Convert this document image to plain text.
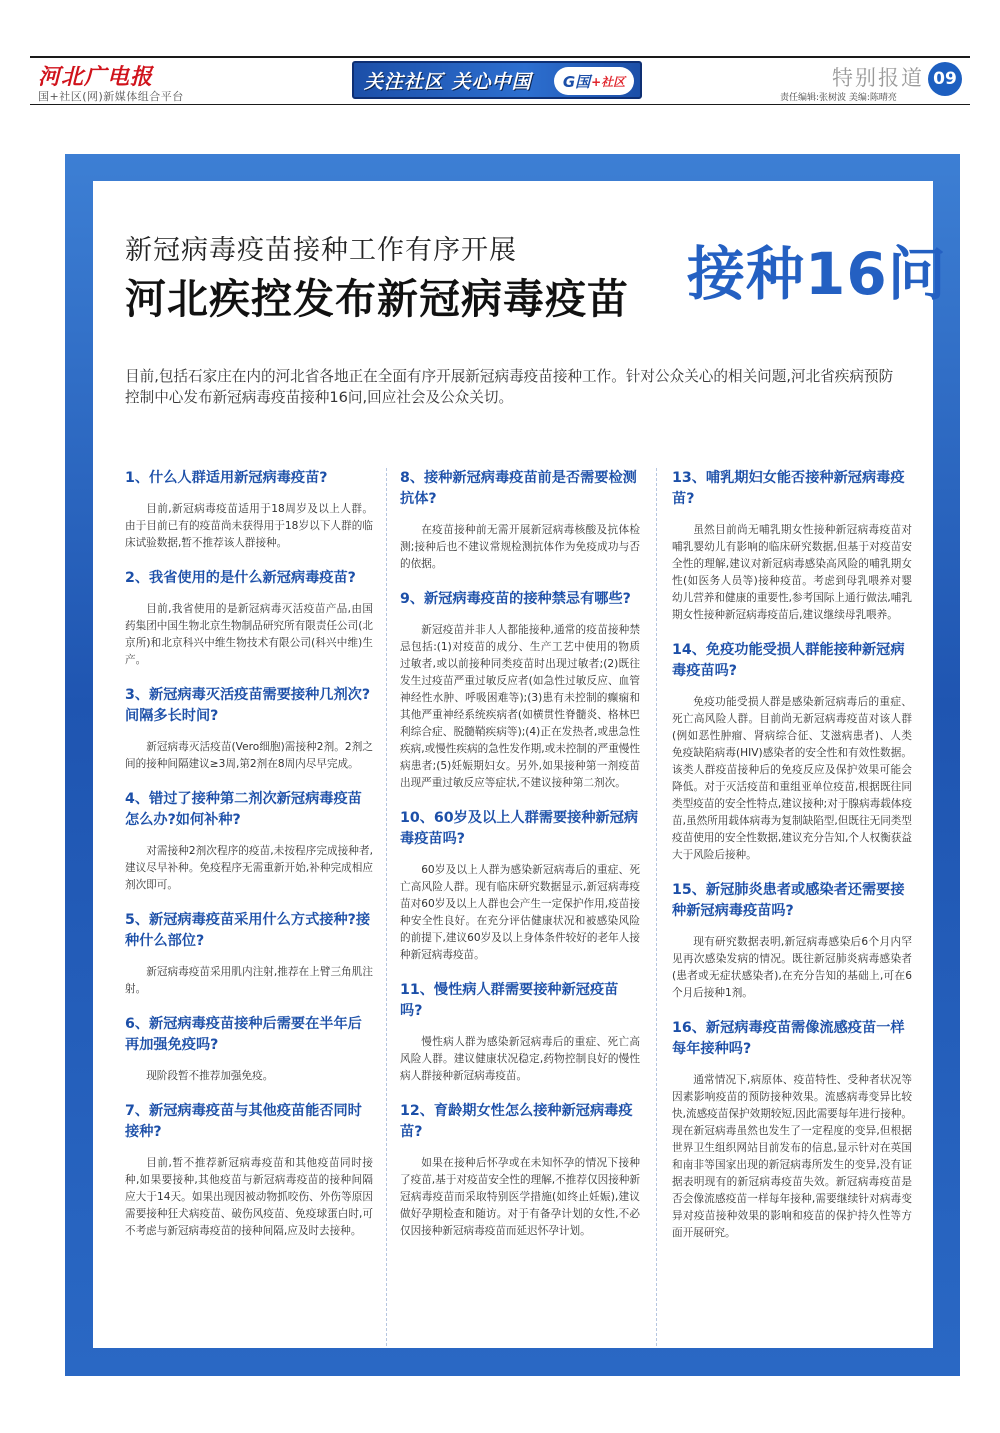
河北广电报
国+社区(网)新媒体组合平台
关注社区 关心中国 G国 +社区	特别报道 09
责任编辑:张树波 美编:陈晴亮
新冠病毒疫苗接种工作有序开展
河北疾控发布新冠病毒疫苗 接种16问

目前,包括石家庄在内的河北省各地正在全面有序开展新冠病毒疫苗接种工作。针对公众关心的相关问题,河北省疾病预防控制中心发布新冠病毒疫苗接种16问,回应社会及公众关切。

1、什么人群适用新冠病毒疫苗?

目前,新冠病毒疫苗适用于18周岁及以上人群。由于目前已有的疫苗尚未获得用于18岁以下人群的临床试验数据,暂不推荐该人群接种。

2、我省使用的是什么新冠病毒疫苗?

目前,我省使用的是新冠病毒灭活疫苗产品,由国药集团中国生物北京生物制品研究所有限责任公司(北京所)和北京科兴中维生物技术有限公司(科兴中维)生产。

3、新冠病毒灭活疫苗需要接种几剂次?间隔多长时间?

新冠病毒灭活疫苗(Vero细胞)需接种2剂。2剂之间的接种间隔建议≥3周,第2剂在8周内尽早完成。

4、错过了接种第二剂次新冠病毒疫苗怎么办?如何补种?

对需接种2剂次程序的疫苗,未按程序完成接种者,建议尽早补种。免疫程序无需重新开始,补种完成相应剂次即可。

5、新冠病毒疫苗采用什么方式接种?接种什么部位?

新冠病毒疫苗采用肌内注射,推荐在上臂三角肌注射。

6、新冠病毒疫苗接种后需要在半年后再加强免疫吗?

现阶段暂不推荐加强免疫。

7、新冠病毒疫苗与其他疫苗能否同时接种?

目前,暂不推荐新冠病毒疫苗和其他疫苗同时接种,如果要接种,其他疫苗与新冠病毒疫苗的接种间隔应大于14天。如果出现因被动物抓咬伤、外伤等原因需要接种狂犬病疫苗、破伤风疫苗、免疫球蛋白时,可不考虑与新冠病毒疫苗的接种间隔,应及时去接种。

8、接种新冠病毒疫苗前是否需要检测抗体?

在疫苗接种前无需开展新冠病毒核酸及抗体检测;接种后也不建议常规检测抗体作为免疫成功与否的依据。

9、新冠病毒疫苗的接种禁忌有哪些?

新冠疫苗并非人人都能接种,通常的疫苗接种禁忌包括:(1)对疫苗的成分、生产工艺中使用的物质过敏者,或以前接种同类疫苗时出现过敏者;(2)既往发生过疫苗严重过敏反应者(如急性过敏反应、血管神经性水肿、呼吸困难等);(3)患有未控制的癫痫和其他严重神经系统疾病者(如横贯性脊髓炎、格林巴利综合症、脱髓鞘疾病等);(4)正在发热者,或患急性疾病,或慢性疾病的急性发作期,或未控制的严重慢性病患者;(5)妊娠期妇女。另外,如果接种第一剂疫苗出现严重过敏反应等症状,不建议接种第二剂次。

10、60岁及以上人群需要接种新冠病毒疫苗吗?

60岁及以上人群为感染新冠病毒后的重症、死亡高风险人群。现有临床研究数据显示,新冠病毒疫苗对60岁及以上人群也会产生一定保护作用,疫苗接种安全性良好。在充分评估健康状况和被感染风险的前提下,建议60岁及以上身体条件较好的老年人接种新冠病毒疫苗。

11、慢性病人群需要接种新冠疫苗吗?

慢性病人群为感染新冠病毒后的重症、死亡高风险人群。建议健康状况稳定,药物控制良好的慢性病人群接种新冠病毒疫苗。

12、育龄期女性怎么接种新冠病毒疫苗?

如果在接种后怀孕或在未知怀孕的情况下接种了疫苗,基于对疫苗安全性的理解,不推荐仅因接种新冠病毒疫苗而采取特别医学措施(如终止妊娠),建议做好孕期检查和随访。对于有备孕计划的女性,不必仅因接种新冠病毒疫苗而延迟怀孕计划。

13、哺乳期妇女能否接种新冠病毒疫苗?

虽然目前尚无哺乳期女性接种新冠病毒疫苗对哺乳婴幼儿有影响的临床研究数据,但基于对疫苗安全性的理解,建议对新冠病毒感染高风险的哺乳期女性(如医务人员等)接种疫苗。考虑到母乳喂养对婴幼儿营养和健康的重要性,参考国际上通行做法,哺乳期女性接种新冠病毒疫苗后,建议继续母乳喂养。

14、免疫功能受损人群能接种新冠病毒疫苗吗?

免疫功能受损人群是感染新冠病毒后的重症、死亡高风险人群。目前尚无新冠病毒疫苗对该人群(例如恶性肿瘤、肾病综合征、艾滋病患者)、人类免疫缺陷病毒(HIV)感染者的安全性和有效性数据。该类人群疫苗接种后的免疫反应及保护效果可能会降低。对于灭活疫苗和重组亚单位疫苗,根据既往同类型疫苗的安全性特点,建议接种;对于腺病毒载体疫苗,虽然所用载体病毒为复制缺陷型,但既往无同类型疫苗使用的安全性数据,建议充分告知,个人权衡获益大于风险后接种。

15、新冠肺炎患者或感染者还需要接种新冠病毒疫苗吗?

现有研究数据表明,新冠病毒感染后6个月内罕见再次感染发病的情况。既往新冠肺炎病毒感染者(患者或无症状感染者),在充分告知的基础上,可在6个月后接种1剂。

16、新冠病毒疫苗需像流感疫苗一样每年接种吗?

通常情况下,病原体、疫苗特性、受种者状况等因素影响疫苗的预防接种效果。流感病毒变异比较快,流感疫苗保护效期较短,因此需要每年进行接种。现在新冠病毒虽然也发生了一定程度的变异,但根据世界卫生组织网站目前发布的信息,显示针对在英国和南非等国家出现的新冠病毒所发生的变异,没有证据表明现有的新冠病毒疫苗失效。新冠病毒疫苗是否会像流感疫苗一样每年接种,需要继续针对病毒变异对疫苗接种效果的影响和疫苗的保护持久性等方面开展研究。
